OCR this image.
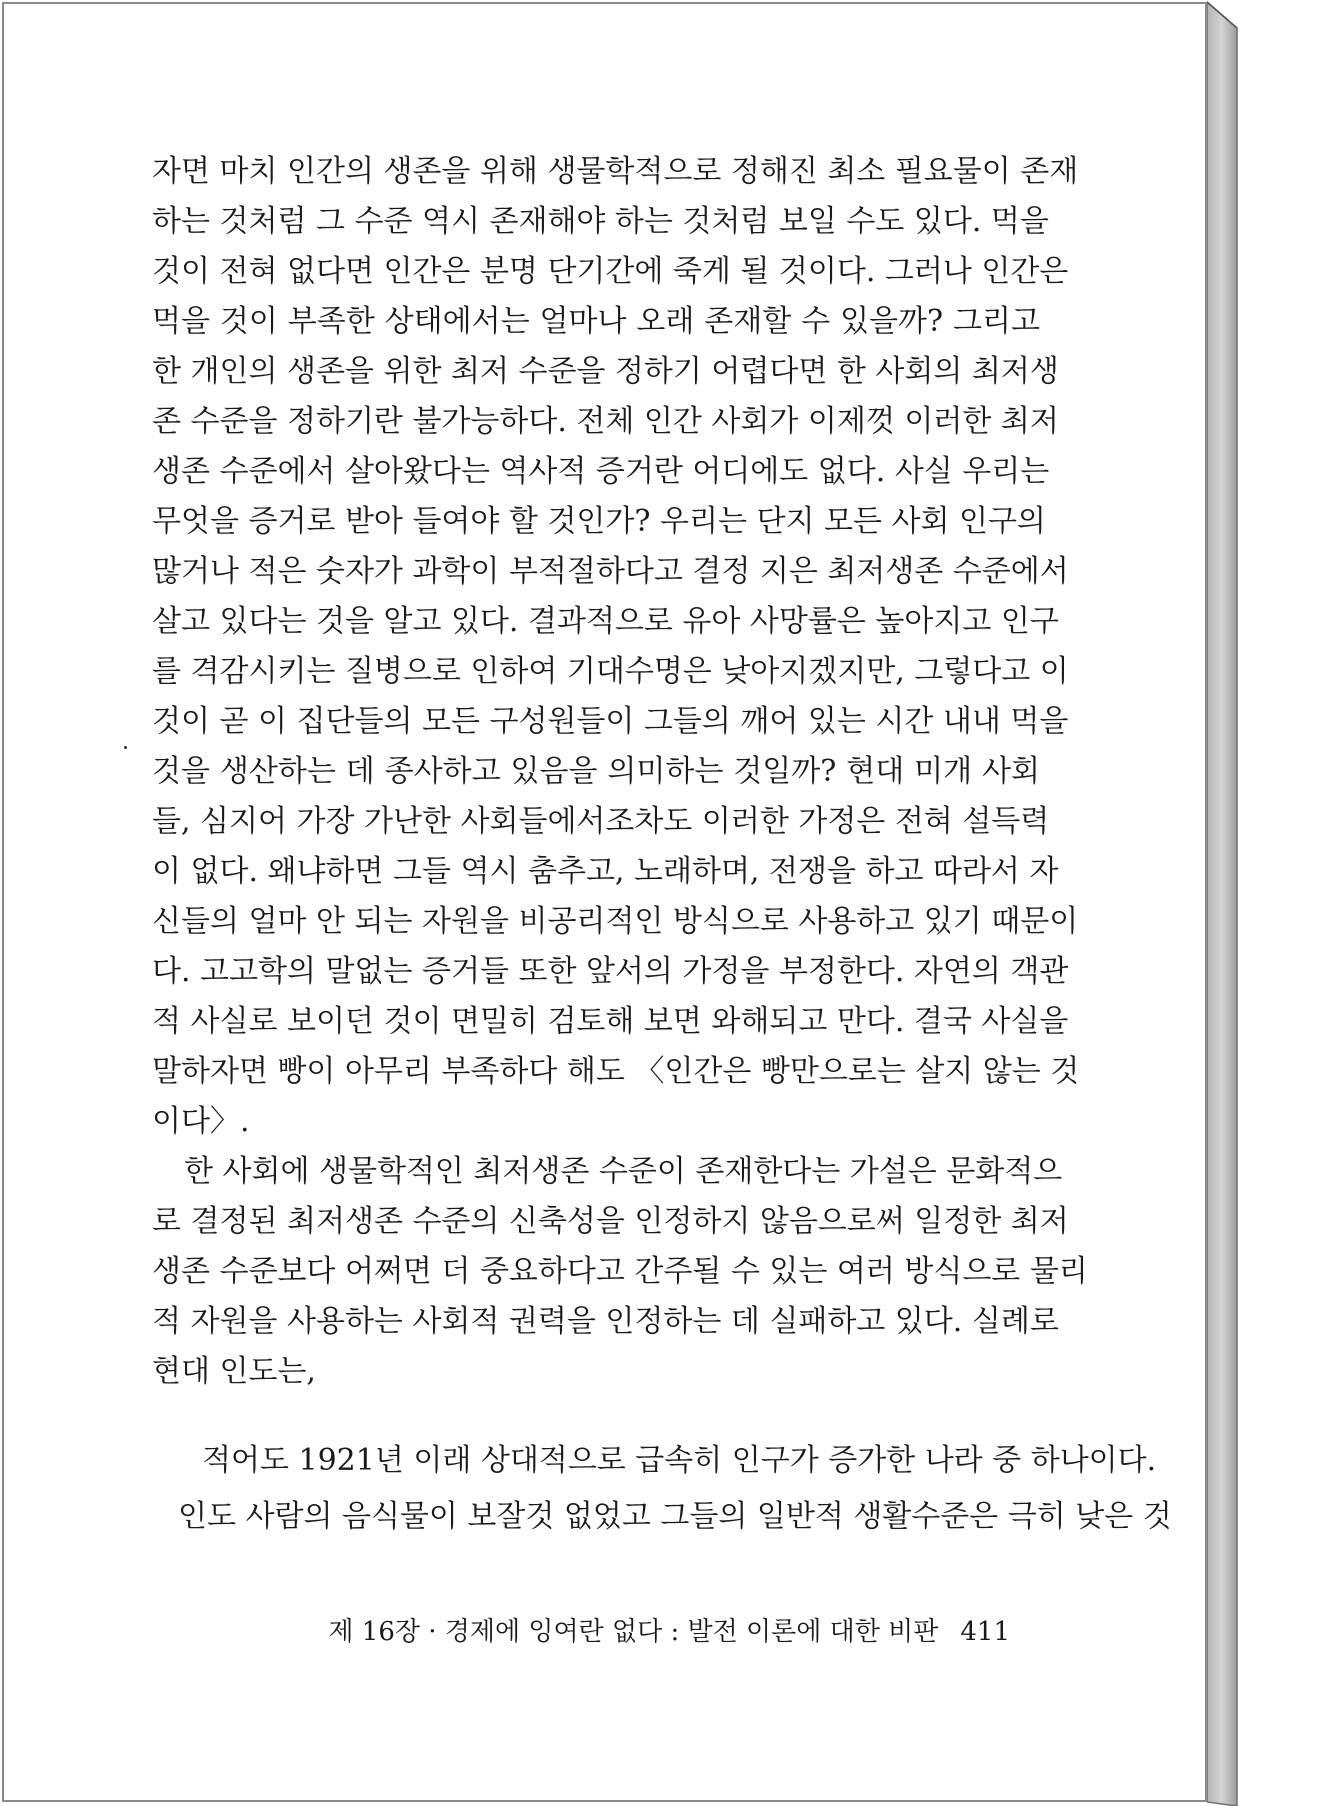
자면 마치 인간의 생존을 위해 생물학적으로 정해진 최소 필요물이 존재
하는 것처럼 그 수준 역시 존재해야 하는 것처럼 보일 수도 있다. 먹을
것이 전혀 없다면 인간은 분명 단기간에 죽게 될 것이다. 그러나 인간은
먹을 것이 부족한 상태에서는 얼마나 오래 존재할 수 있을까? 그리고
한 개인의 생존을 위한 최저 수준을 정하기 어렵다면 한 사회의 최저생
존 수준을 정하기란 불가능하다. 전체 인간 사회가 이제껏 이러한 최저
생존 수준에서 살아왔다는 역사적 증거란 어디에도 없다. 사실 우리는
무엇을 증거로 받아 들여야 할 것인가? 우리는 단지 모든 사회 인구의
많거나 적은 숫자가 과학이 부적절하다고 결정 지은 최저생존 수준에서
살고 있다는 것을 알고 있다. 결과적으로 유아 사망률은 높아지고 인구
를 격감시키는 질병으로 인하여 기대수명은 낮아지겠지만, 그렇다고 이
것이 곧 이 집단들의 모든 구성원들이 그들의 깨어 있는 시간 내내 먹을
것을 생산하는 데 종사하고 있음을 의미하는 것일까? 현대 미개 사회
들, 심지어 가장 가난한 사회들에서조차도 이러한 가정은 전혀 설득력
이 없다. 왜냐하면 그들 역시 춤추고, 노래하며, 전쟁을 하고 따라서 자
신들의 얼마 안 되는 자원을 비공리적인 방식으로 사용하고 있기 때문이
다. 고고학의 말없는 증거들 또한 앞서의 가정을 부정한다. 자연의 객관
적 사실로 보이던 것이 면밀히 검토해 보면 와해되고 만다. 결국 사실을
말하자면 빵이 아무리 부족하다 해도 〈인간은 빵만으로는 살지 않는 것
이다〉.
한 사회에 생물학적인 최저생존 수준이 존재한다는 가설은 문화적으
로 결정된 최저생존 수준의 신축성을 인정하지 않음으로써 일정한 최저
생존 수준보다 어쩌면 더 중요하다고 간주될 수 있는 여러 방식으로 물리
적 자원을 사용하는 사회적 권력을 인정하는 데 실패하고 있다. 실례로
현대 인도는,
적어도 1921년 이래 상대적으로 급속히 인구가 증가한 나라 중 하나이다.
인도 사람의 음식물이 보잘것 없었고 그들의 일반적 생활수준은 극히 낮은 것
제 16장 · 경제에 잉여란 없다 : 발전 이론에 대한 비판 411
